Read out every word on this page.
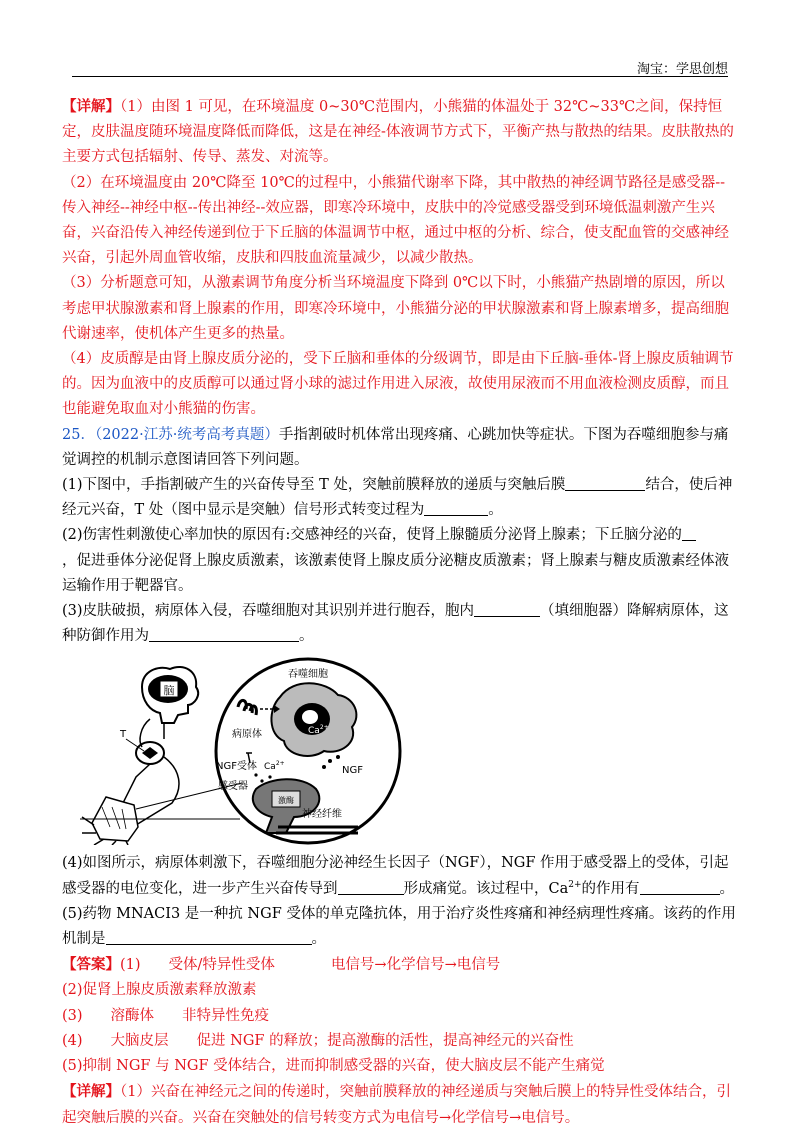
淘宝：学思创想

【详解】（1）由图 1 可见，在环境温度 0~30℃范围内，小熊猫的体温处于 32℃~33℃之间，保持恒定，皮肤温度随环境温度降低而降低，这是在神经-体液调节方式下，平衡产热与散热的结果。皮肤散热的主要方式包括辐射、传导、蒸发、对流等。

（2）在环境温度由 20℃降至 10℃的过程中，小熊猫代谢率下降，其中散热的神经调节路径是感受器--传入神经--神经中枢--传出神经--效应器，即寒冷环境中，皮肤中的冷觉感受器受到环境低温刺激产生兴奋，兴奋沿传入神经传递到位于下丘脑的体温调节中枢，通过中枢的分析、综合，使支配血管的交感神经兴奋，引起外周血管收缩，皮肤和四肢血流量减少，以减少散热。

（3）分析题意可知，从激素调节角度分析当环境温度下降到 0℃以下时，小熊猫产热剧增的原因，所以考虑甲状腺激素和肾上腺素的作用，即寒冷环境中，小熊猫分泌的甲状腺激素和肾上腺素增多，提高细胞代谢速率，使机体产生更多的热量。

（4）皮质醇是由肾上腺皮质分泌的，受下丘脑和垂体的分级调节，即是由下丘脑-垂体-肾上腺皮质轴调节的。因为血液中的皮质醇可以通过肾小球的滤过作用进入尿液，故使用尿液而不用血液检测皮质醇，而且也能避免取血对小熊猫的伤害。

25．（2022·江苏·统考高考真题）手指割破时机体常出现疼痛、心跳加快等症状。下图为吞噬细胞参与痛觉调控的机制示意图请回答下列问题。

(1)下图中，手指割破产生的兴奋传导至 T 处，突触前膜释放的递质与突触后膜	结合，使后神经元兴奋，T 处（图中显示是突触）信号形式转变过程为	。

(2)伤害性刺激使心率加快的原因有:交感神经的兴奋，使肾上腺髓质分泌肾上腺素；下丘脑分泌的
，促进垂体分泌促肾上腺皮质激素，该激素使肾上腺皮质分泌糖皮质激素；肾上腺素与糖皮质激素经体液运输作用于靶器官。

(3)皮肤破损，病原体入侵，吞噬细胞对其识别并进行胞吞，胞内	（填细胞器）降解病原体，这种防御作用为	。

脑
T
吞噬细胞
病原体	$Ca^{2+}$
NGF
$Ca^{2+}$
激酶
NGF受体
感受器
神经纤维

(4)如图所示，病原体刺激下，吞噬细胞分泌神经生长因子（NGF），NGF 作用于感受器上的受体，引起感受器的电位变化，进一步产生兴奋传导到	形成痛觉。该过程中，$Ca^{2+}$的作用有	。

(5)药物 MNACI3 是一种抗 NGF 受体的单克隆抗体，用于治疗炎性疼痛和神经病理性疼痛。该药的作用机制是	。

【答案】(1) 受体/特异性受体	电信号→化学信号→电信号

(2)促肾上腺皮质激素释放激素

(3) 溶酶体 非特异性免疫

(4) 大脑皮层 促进 NGF 的释放；提高激酶的活性，提高神经元的兴奋性

(5)抑制 NGF 与 NGF 受体结合，进而抑制感受器的兴奋，使大脑皮层不能产生痛觉

【详解】（1）兴奋在神经元之间的传递时，突触前膜释放的神经递质与突触后膜上的特异性受体结合，引起突触后膜的兴奋。兴奋在突触处的信号转变方式为电信号→化学信号→电信号。
